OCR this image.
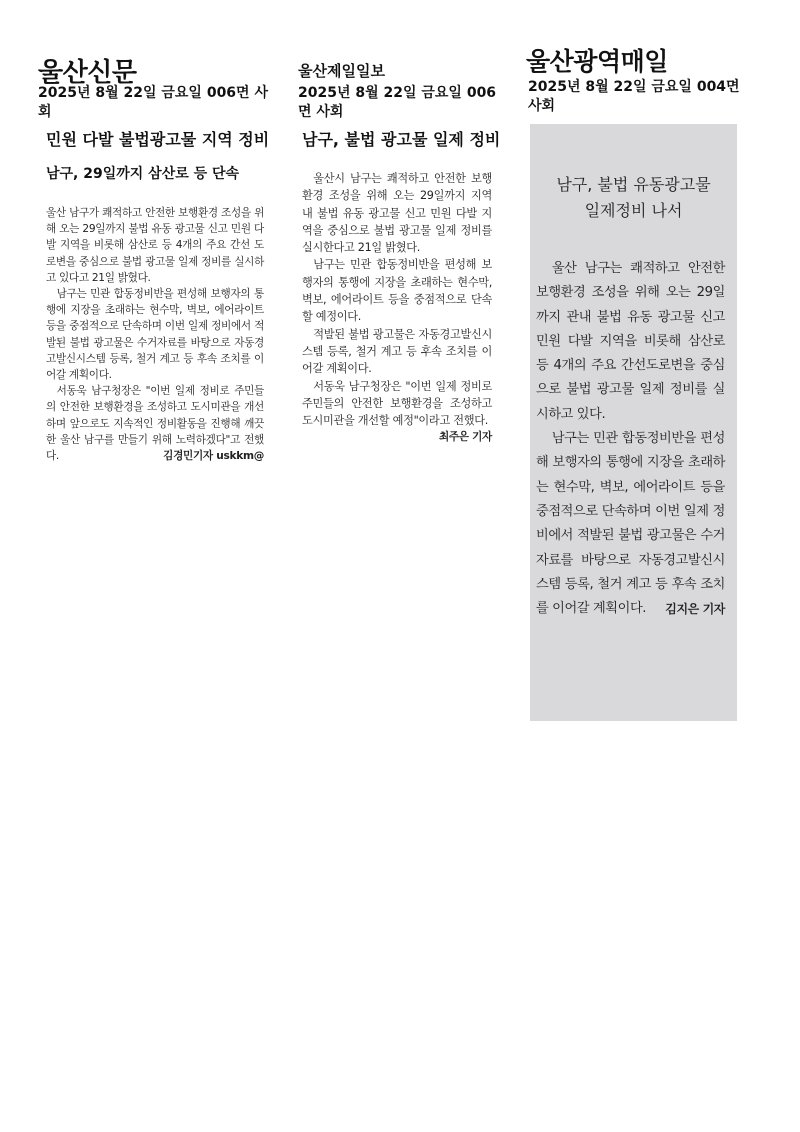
울산신문
2025년 8월 22일 금요일 006면 사
회
민원 다발 불법광고물 지역 정비
남구, 29일까지 삼산로 등 단속

울산 남구가 쾌적하고 안전한 보행환경 조성을 위해 오는 29일까지 불법 유동 광고물 신고 민원 다발 지역을 비롯해 삼산로 등 4개의 주요 간선 도로변을 중심으로 불법 광고물 일제 정비를 실시하고 있다고 21일 밝혔다.

남구는 민관 합동정비반을 편성해 보행자의 통행에 지장을 초래하는 현수막, 벽보, 에어라이트 등을 중점적으로 단속하며 이번 일제 정비에서 적발된 불법 광고물은 수거자료를 바탕으로 자동경고발신시스템 등록, 철거 계고 등 후속 조치를 이어갈 계획이다.

서동욱 남구청장은 "이번 일제 정비로 주민들의 안전한 보행환경을 조성하고 도시미관을 개선하며 앞으로도 지속적인 정비활동을 진행해 깨끗한 울산 남구를 만들기 위해 노력하겠다"고 전했다.	김경민기자 uskkm@

울산제일일보
2025년 8월 22일 금요일 006
면 사회
남구, 불법 광고물 일제 정비

울산시 남구는 쾌적하고 안전한 보행환경 조성을 위해 오는 29일까지 지역 내 불법 유동 광고물 신고 민원 다발 지역을 중심으로 불법 광고물 일제 정비를 실시한다고 21일 밝혔다.

남구는 민관 합동정비반을 편성해 보행자의 통행에 지장을 초래하는 현수막, 벽보, 에어라이트 등을 중점적으로 단속할 예정이다.

적발된 불법 광고물은 자동경고발신시스템 등록, 철거 계고 등 후속 조치를 이어갈 계획이다.

서동욱 남구청장은 "이번 일제 정비로 주민들의 안전한 보행환경을 조성하고 도시미관을 개선할 예정"이라고 전했다.
최주은 기자

울산광역매일
2025년 8월 22일 금요일 004면
사회
남구, 불법 유동광고물
일제정비 나서

울산 남구는 쾌적하고 안전한 보행환경 조성을 위해 오는 29일까지 관내 불법 유동 광고물 신고 민원 다발 지역을 비롯해 삼산로 등 4개의 주요 간선도로변을 중심으로 불법 광고물 일제 정비를 실시하고 있다.

남구는 민관 합동정비반을 편성해 보행자의 통행에 지장을 초래하는 현수막, 벽보, 에어라이트 등을 중점적으로 단속하며 이번 일제 정비에서 적발된 불법 광고물은 수거자료를 바탕으로 자동경고발신시스템 등록, 철거 계고 등 후속 조치를 이어갈 계획이다.	김지은 기자
